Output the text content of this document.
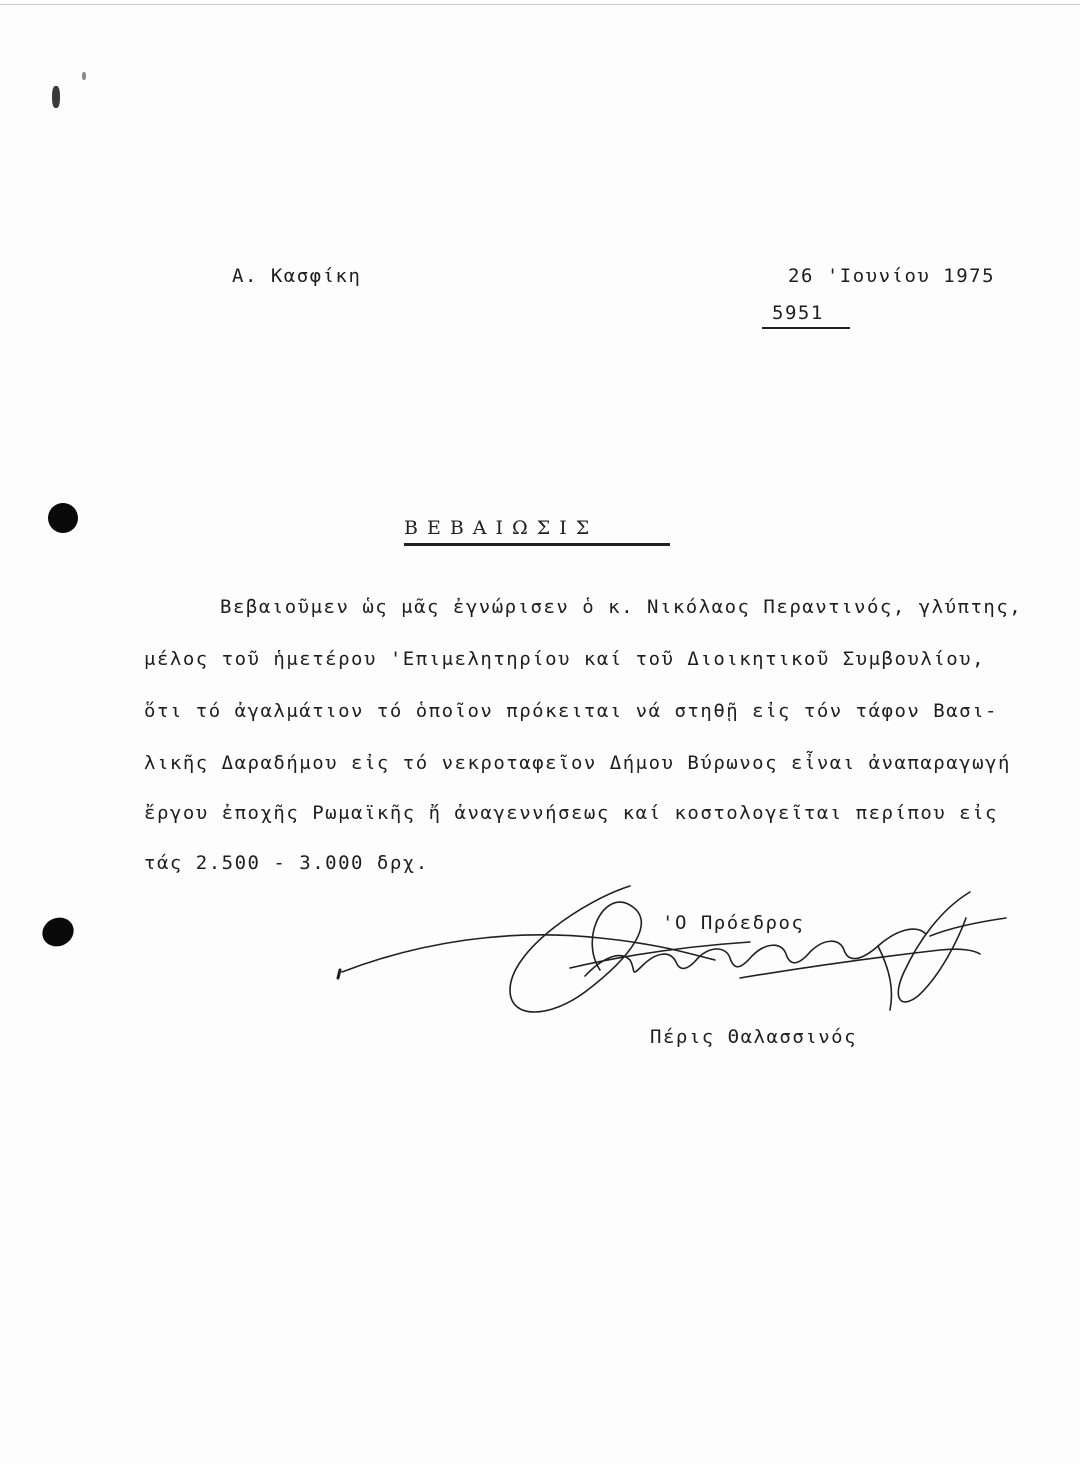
Α. Κασφίκη	26 'Ιουνίου 1975
5951
ΒΕΒΑΙΩΣΙΣ
Βεβαιοῦμεν ὡς μᾶς ἐγνώρισεν ὁ κ. Νικόλαος Περαντινός, γλύπτης,
μέλος τοῦ ἡμετέρου 'Επιμελητηρίου καί τοῦ Διοικητικοῦ Συμβουλίου,
ὅτι τό ἀγαλμάτιον τό ὁποῖον πρόκειται νά στηθῇ εἰς τόν τάφον Βασι-
λικῆς Δαραδήμου εἰς τό νεκροταφεῖον Δήμου Βύρωνος εἶναι ἀναπαραγωγή
ἔργου ἐποχῆς Ρωμαϊκῆς ἤ ἀναγεννήσεως καί κοστολογεῖται περίπου εἰς
τάς 2.500 - 3.000 δρχ.
'Ο Πρόεδρος
Πέρις Θαλασσινός
